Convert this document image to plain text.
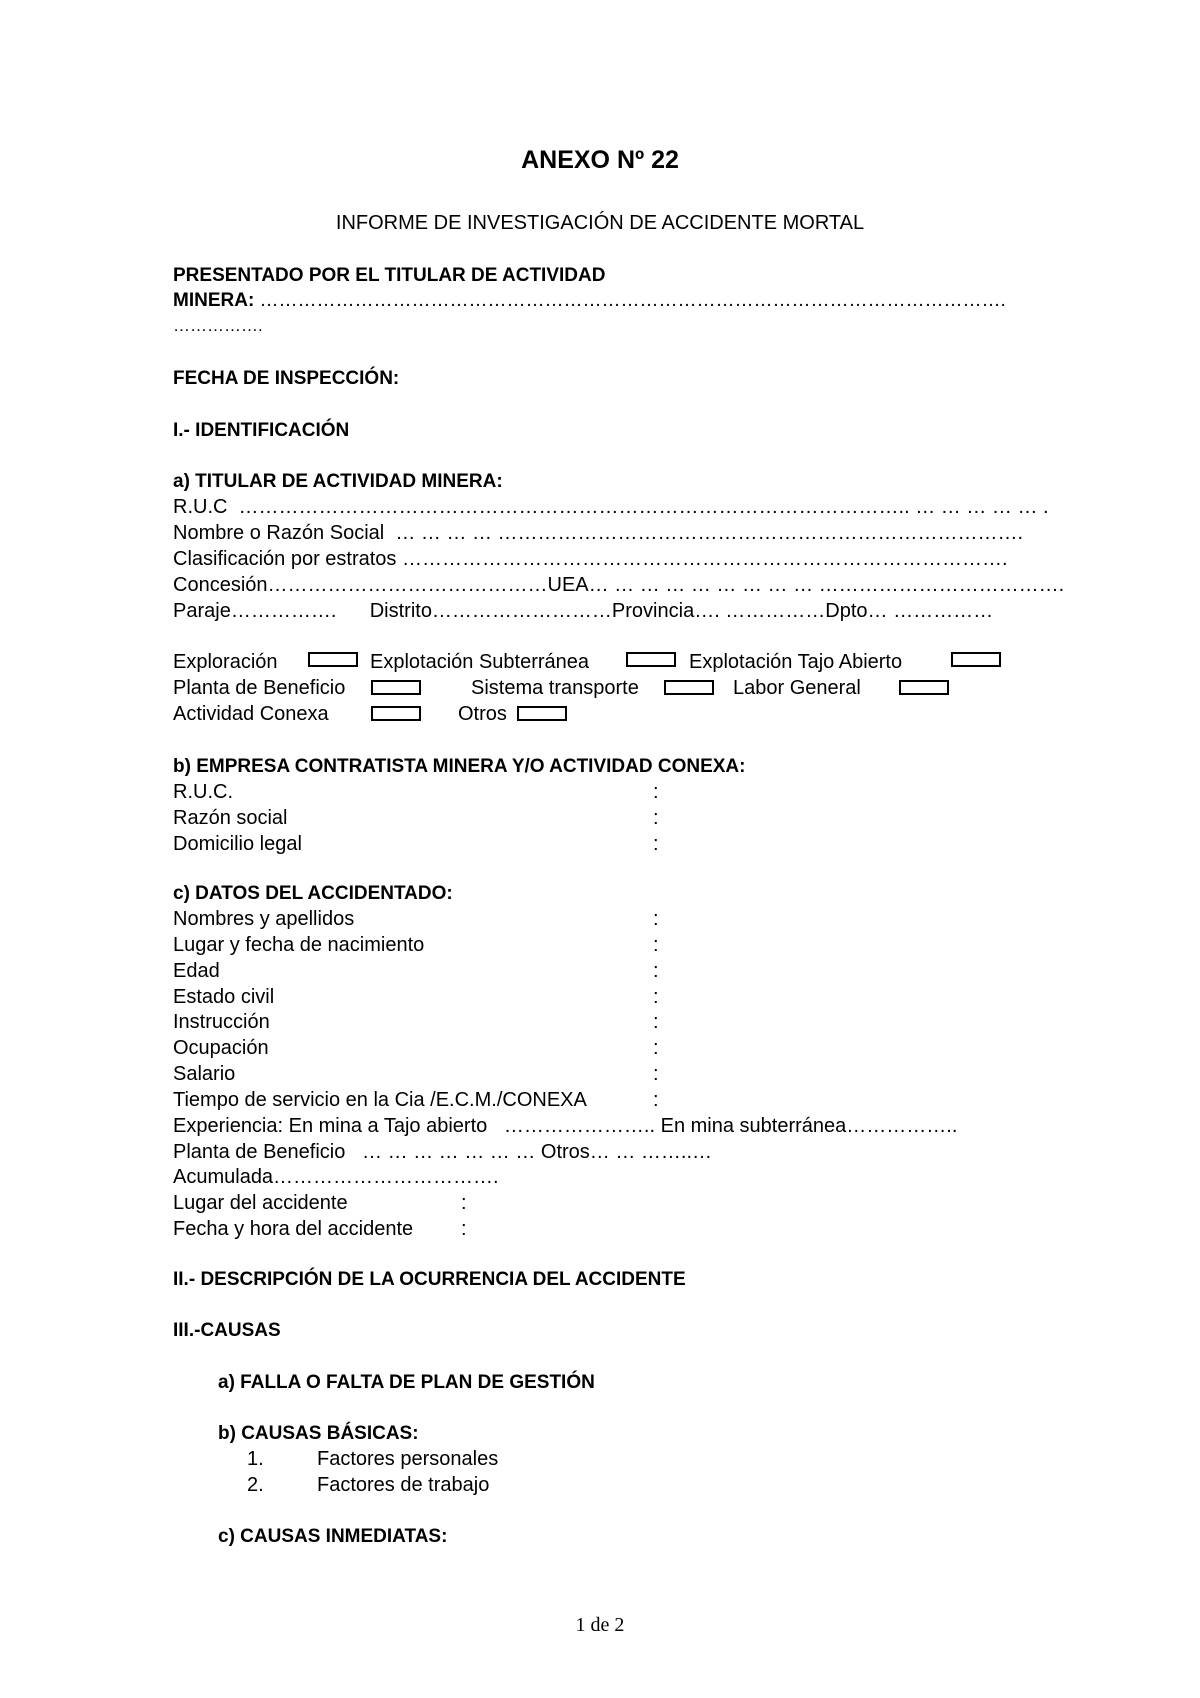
ANEXO Nº 22
INFORME DE INVESTIGACIÓN DE ACCIDENTE MORTAL
PRESENTADO POR EL TITULAR DE ACTIVIDAD
MINERA: ……………………………………………………………………………………………………….
…………….
FECHA DE INSPECCIÓN:
I.- IDENTIFICACIÓN
a) TITULAR DE ACTIVIDAD MINERA:
R.U.C  ……………………………………………………………………………………….. … … … … … .
Nombre o Razón Social  … … … … …………………………………………………………………….
Clasificación por estratos ……………………………………………………………………………….
Concesión……………………………………UEA… … … … … … … … … ……………………………….
Paraje…………….      Distrito………………………Provincia…. ……………Dpto… ……………
Exploración	Explotación Subterránea	Explotación Tajo Abierto
Planta de Beneficio	Sistema transporte	Labor General
Actividad Conexa	Otros
b) EMPRESA CONTRATISTA MINERA Y/O ACTIVIDAD CONEXA:
R.U.C.	:
Razón social	:
Domicilio legal	:
c) DATOS DEL ACCIDENTADO:
Nombres y apellidos	:
Lugar y fecha de nacimiento	:
Edad	:
Estado civil	:
Instrucción	:
Ocupación	:
Salario	:
Tiempo de servicio en la Cia /E.C.M./CONEXA	:
Experiencia: En mina a Tajo abierto   ………………….. En mina subterránea……………..
Planta de Beneficio   … … … … … … … Otros… … ……..…
Acumulada…………………………….
Lugar del accidente	:
Fecha y hora del accidente :
II.- DESCRIPCIÓN DE LA OCURRENCIA DEL ACCIDENTE
III.-CAUSAS
a) FALLA O FALTA DE PLAN DE GESTIÓN
b) CAUSAS BÁSICAS:
1.	Factores personales
2.	Factores de trabajo
c) CAUSAS INMEDIATAS:
1 de 2
